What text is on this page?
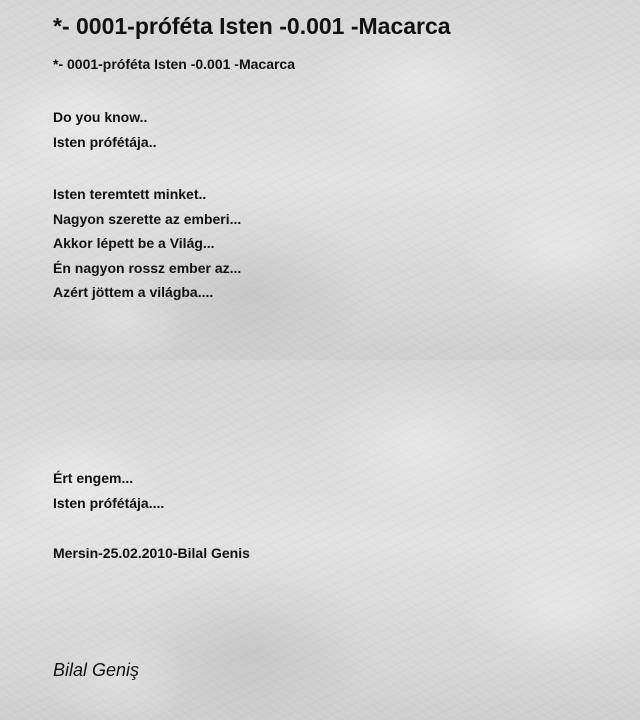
*- 0001-próféta Isten -0.001 -Macarca

*- 0001-próféta Isten -0.001 -Macarca

Do you know..
Isten prófétája..
Isten teremtett minket..
Nagyon szerette az emberi...
Akkor lépett be a Világ...
Én nagyon rossz ember az...
Azért jöttem a világba....
Ért engem...
Isten prófétája....
Mersin-25.02.2010-Bilal Genis

Bilal Geniş
